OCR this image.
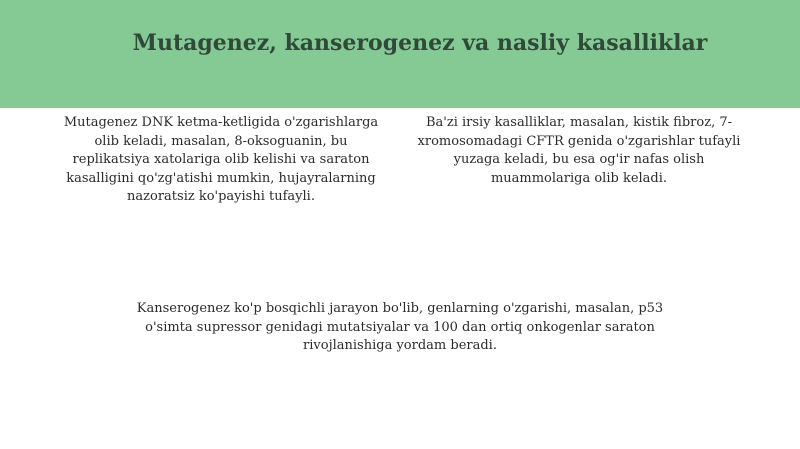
Mutagenez, kanserogenez va nasliy kasalliklar

Mutagenez DNK ketma-ketligida o'zgarishlarga olib keladi, masalan, 8-oksoguanin, bu replikatsiya xatolariga olib kelishi va saraton kasalligini qo'zg'atishi mumkin, hujayralarning nazoratsiz ko'payishi tufayli.

Ba'zi irsiy kasalliklar, masalan, kistik fibroz, 7-xromosomadagi CFTR genida o'zgarishlar tufayli yuzaga keladi, bu esa og'ir nafas olish muammolariga olib keladi.

Kanserogenez ko'p bosqichli jarayon bo'lib, genlarning o'zgarishi, masalan, p53 o'simta supressor genidagi mutatsiyalar va 100 dan ortiq onkogenlar saraton rivojlanishiga yordam beradi.
